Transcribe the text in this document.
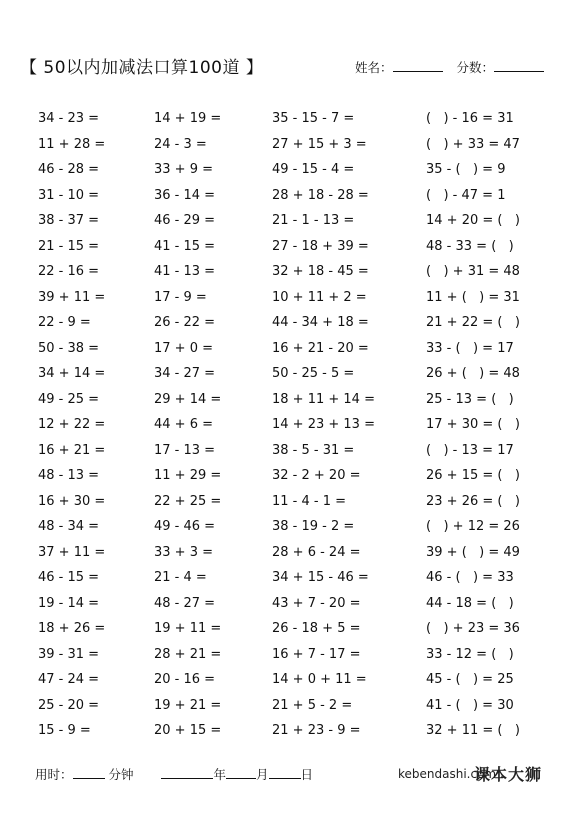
【 50以内加减法口算100道 】	姓名：	分数：
34 - 23 =	14 + 19 =	35 - 15 - 7 =	(   ) - 16 = 31
11 + 28 =	24 - 3 =	27 + 15 + 3 =	(   ) + 33 = 47
46 - 28 =	33 + 9 =	49 - 15 - 4 =	35 - (   ) = 9
31 - 10 =	36 - 14 =	28 + 18 - 28 =	(   ) - 47 = 1
38 - 37 =	46 - 29 =	21 - 1 - 13 =	14 + 20 = (   )
21 - 15 =	41 - 15 =	27 - 18 + 39 =	48 - 33 = (   )
22 - 16 =	41 - 13 =	32 + 18 - 45 =	(   ) + 31 = 48
39 + 11 =	17 - 9 =	10 + 11 + 2 =	11 + (   ) = 31
22 - 9 =	26 - 22 =	44 - 34 + 18 =	21 + 22 = (   )
50 - 38 =	17 + 0 =	16 + 21 - 20 =	33 - (   ) = 17
34 + 14 =	34 - 27 =	50 - 25 - 5 =	26 + (   ) = 48
49 - 25 =	29 + 14 =	18 + 11 + 14 =	25 - 13 = (   )
12 + 22 =	44 + 6 =	14 + 23 + 13 =	17 + 30 = (   )
16 + 21 =	17 - 13 =	38 - 5 - 31 =	(   ) - 13 = 17
48 - 13 =	11 + 29 =	32 - 2 + 20 =	26 + 15 = (   )
16 + 30 =	22 + 25 =	11 - 4 - 1 =	23 + 26 = (   )
48 - 34 =	49 - 46 =	38 - 19 - 2 =	(   ) + 12 = 26
37 + 11 =	33 + 3 =	28 + 6 - 24 =	39 + (   ) = 49
46 - 15 =	21 - 4 =	34 + 15 - 46 =	46 - (   ) = 33
19 - 14 =	48 - 27 =	43 + 7 - 20 =	44 - 18 = (   )
18 + 26 =	19 + 11 =	26 - 18 + 5 =	(   ) + 23 = 36
39 - 31 =	28 + 21 =	16 + 7 - 17 =	33 - 12 = (   )
47 - 24 =	20 - 16 =	14 + 0 + 11 =	45 - (   ) = 25
25 - 20 =	19 + 21 =	21 + 5 - 2 =	41 - (   ) = 30
15 - 9 =	20 + 15 =	21 + 23 - 9 =	32 + 11 = (   )
用时：	分钟	年 月	日	kebendashi.com
课本大狮
